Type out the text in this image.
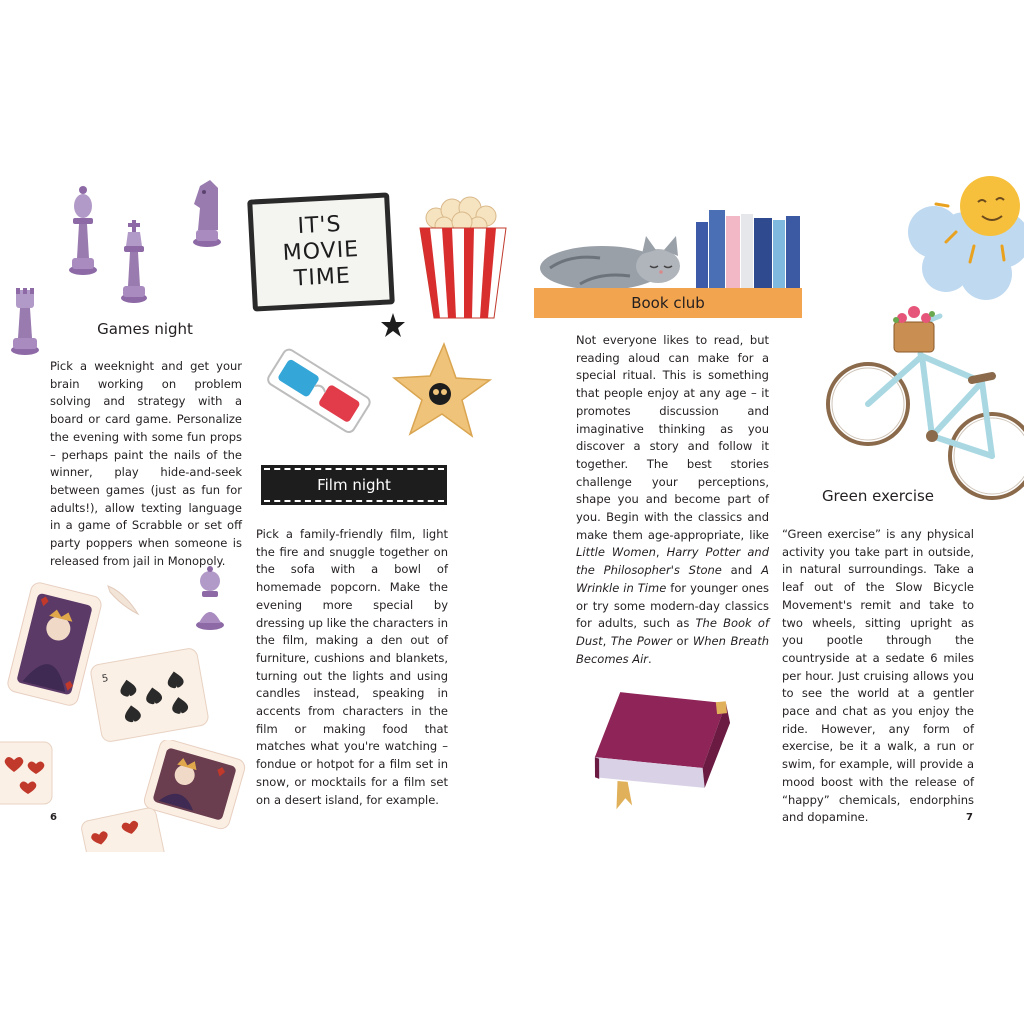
Games night
Pick a weeknight and get your brain working on problem solving and strategy with a board or card game. Personalize the evening with some fun props – perhaps paint the nails of the winner, play hide-and-seek between games (just as fun for adults!), allow texting language in a game of Scrabble or set off party poppers when someone is released from jail in Monopoly.
5
6
IT'S
MOVIE
TIME
Film night
Pick a family-friendly film, light the fire and snuggle together on the sofa with a bowl of homemade popcorn. Make the evening more special by dressing up like the characters in the film, making a den out of furniture, cushions and blankets, turning out the lights and using candles instead, speaking in accents from characters in the film or making food that matches what you're watching – fondue or hotpot for a film set in snow, or mocktails for a film set on a desert island, for example.
Book club

Not everyone likes to read, but reading aloud can make for a special ritual. This is something that people enjoy at any age – it promotes discussion and imaginative thinking as you discover a story and follow it together. The best stories challenge your perceptions, shape you and become part of you. Begin with the classics and make them age-appropriate, like Little Women, Harry Potter and the Philosopher's Stone and A Wrinkle in Time for younger ones or try some modern-day classics for adults, such as The Book of Dust, The Power or When Breath Becomes Air.

Green exercise
“Green exercise” is any physical activity you take part in outside, in natural surroundings. Take a leaf out of the Slow Bicycle Movement's remit and take to two wheels, sitting upright as you pootle through the countryside at a sedate 6 miles per hour. Just cruising allows you to see the world at a gentler pace and chat as you enjoy the ride. However, any form of exercise, be it a walk, a run or swim, for example, will provide a mood boost with the release of “happy” chemicals, endorphins and dopamine.	7
